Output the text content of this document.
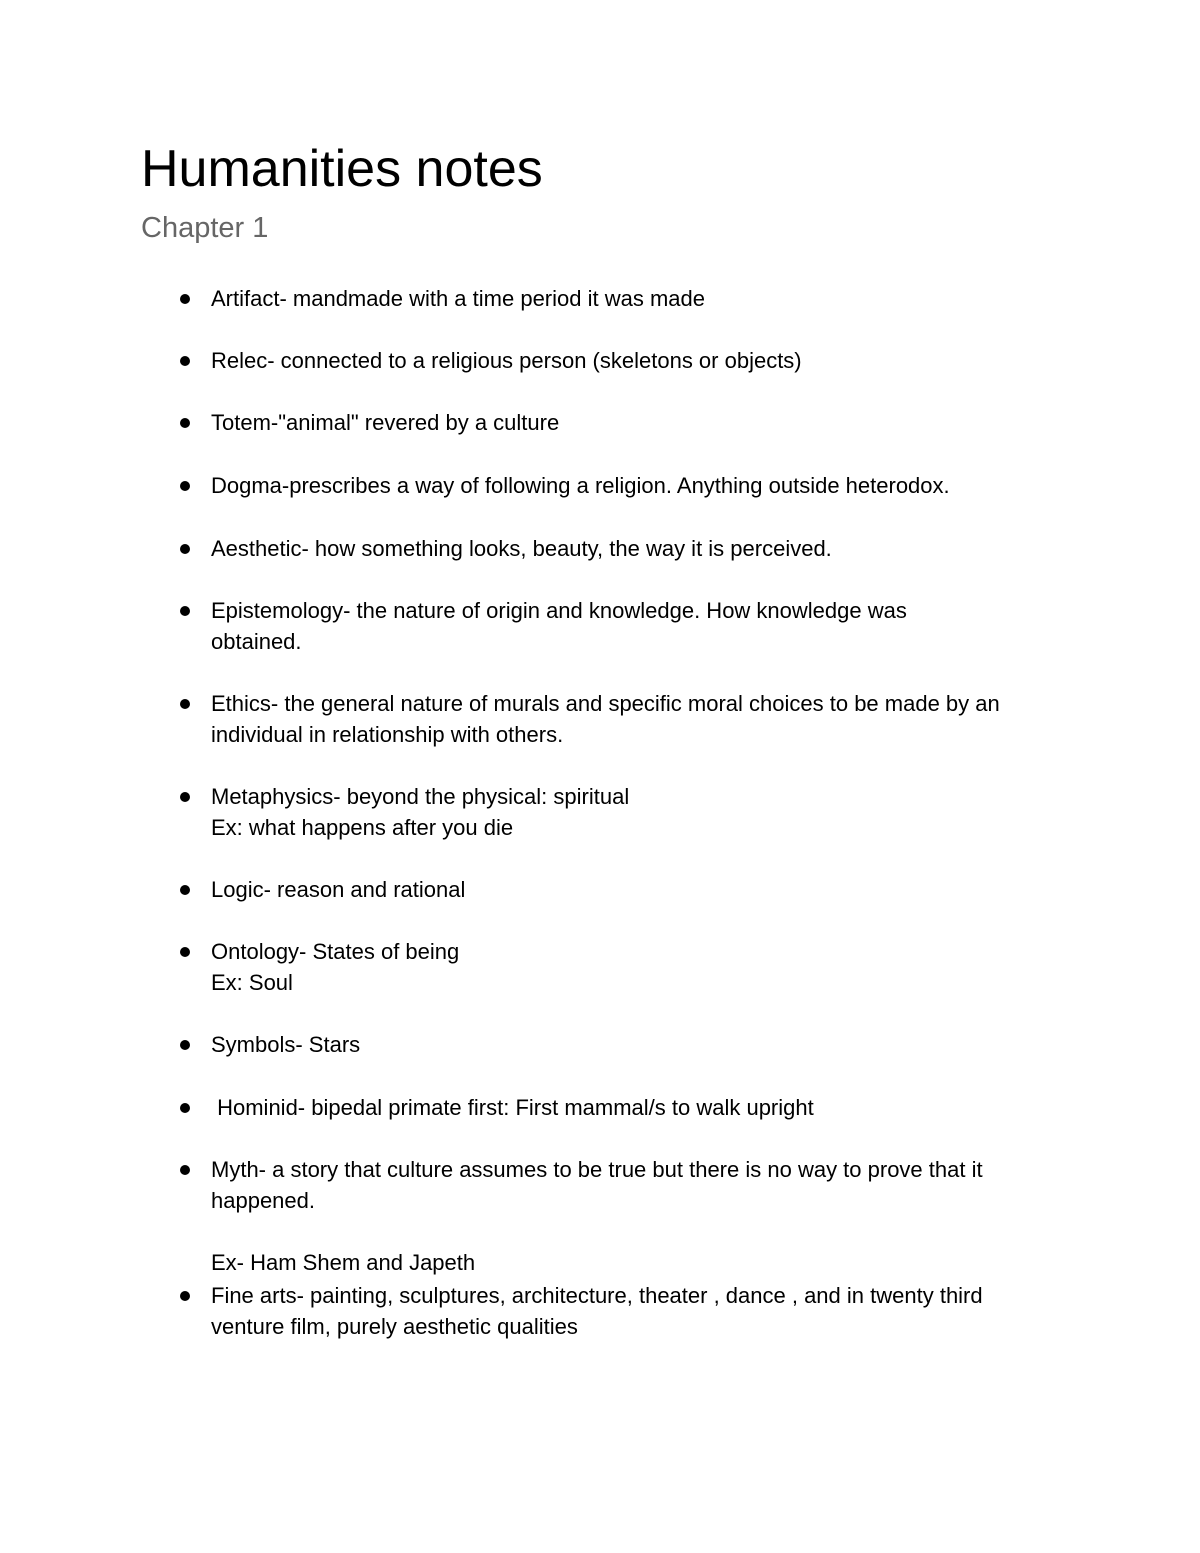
Humanities notes
Chapter 1
Artifact- mandmade with a time period it was made
Relec- connected to a religious person (skeletons or objects)
Totem-"animal" revered by a culture
Dogma-prescribes a way of following a religion. Anything outside heterodox.
Aesthetic- how something looks, beauty, the way it is perceived.
Epistemology- the nature of origin and knowledge. How knowledge was
obtained.
Ethics- the general nature of murals and specific moral choices to be made by an
individual in relationship with others.
Metaphysics- beyond the physical: spiritual
Ex: what happens after you die
Logic- reason and rational
Ontology- States of being
Ex: Soul
Symbols- Stars
Hominid- bipedal primate first: First mammal/s to walk upright
Myth- a story that culture assumes to be true but there is no way to prove that it
happened.
Ex- Ham Shem and Japeth
Fine arts- painting, sculptures, architecture, theater , dance , and in twenty third
venture film, purely aesthetic qualities
